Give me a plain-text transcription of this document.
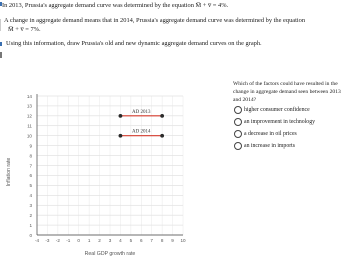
In 2013, Prussia's aggregate demand curve was determined by the equation M̅ + v̅ = 4%.
A change in aggregate demand means that in 2014, Prussia's aggregate demand curve was determined by the equation
M̅ + v̅ = 7%.
Using this information, draw Prussia's old and new dynamic aggregate demand curves on the graph.
14
13
12
11
10
9
8
7
6
5
4
3
2
1
0
-4 -3 -2 -1 0 1 2 3 4 5 6 7 8 9 10
AD 2013
AD 2014
Inflation rate
Real GDP growth rate
Which of the factors could have resulted in the change in aggregate demand seen between 2013 and 2014?
higher consumer confidence
an improvement in technology
a decrease in oil prices
an increase in imports
